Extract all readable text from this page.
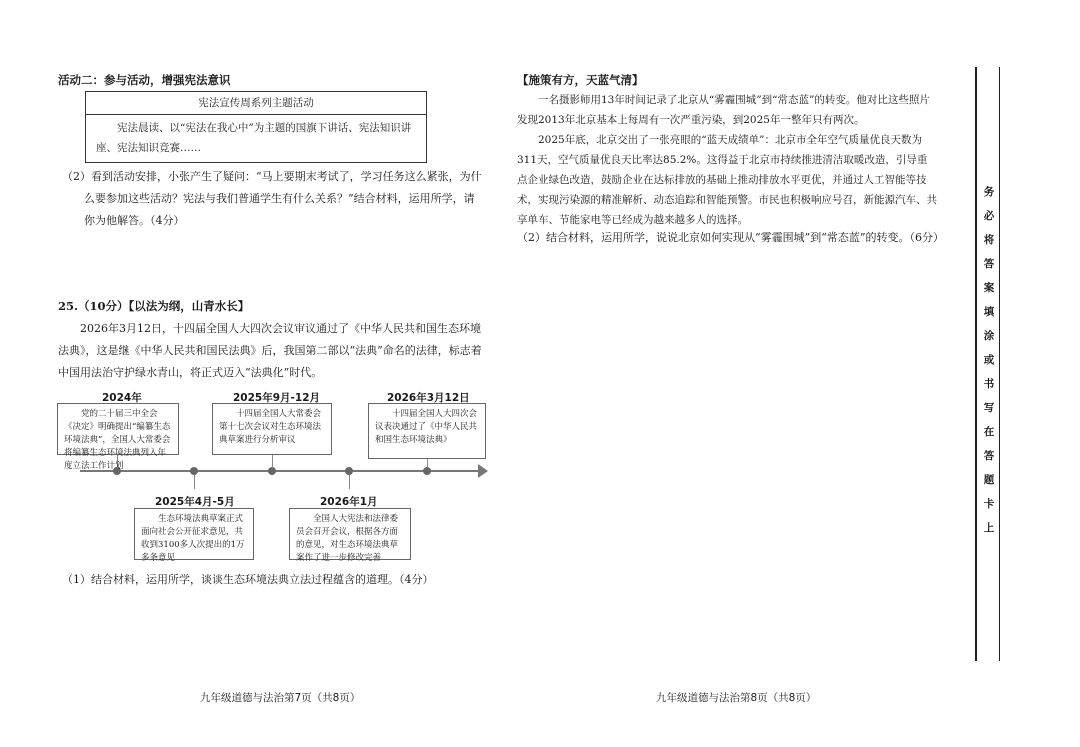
活动二：参与活动，增强宪法意识
宪法宣传周系列主题活动
宪法晨读、以“宪法在我心中”为主题的国旗下讲话、宪法知识讲座、宪法知识竞赛……
（2）看到活动安排，小张产生了疑问：“马上要期末考试了，学习任务这么紧张，为什
么要参加这些活动？宪法与我们普通学生有什么关系？”结合材料，运用所学，请
你为他解答。（4分）
25.（10分）【以法为纲，山青水长】
2026年3月12日，十四届全国人大四次会议审议通过了《中华人民共和国生态环境法典》，这是继《中华人民共和国民法典》后，我国第二部以“法典”命名的法律，标志着中国用法治守护绿水青山，将正式迈入“法典化”时代。
2024年
党的二十届三中全会《决定》明确提出“编纂生态环境法典”，全国人大常委会将编纂生态环境法典列入年度立法工作计划
2025年9月-12月
十四届全国人大常委会第十七次会议对生态环境法典草案进行分析审议
2026年3月12日
十四届全国人大四次会议表决通过了《中华人民共和国生态环境法典》
2025年4月-5月
生态环境法典草案正式面向社会公开征求意见，共收到3100多人次提出的1万多条意见
2026年1月
全国人大宪法和法律委员会召开会议，根据各方面的意见，对生态环境法典草案作了进一步修改完善
（1）结合材料，运用所学，谈谈生态环境法典立法过程蕴含的道理。（4分）
九年级道德与法治第7页（共8页）
【施策有方，天蓝气清】
一名摄影师用13年时间记录了北京从“雾霾围城”到“常态蓝”的转变。他对比这些照片发现2013年北京基本上每周有一次严重污染，到2025年一整年只有两次。
2025年底，北京交出了一张亮眼的“蓝天成绩单”：北京市全年空气质量优良天数为311天，空气质量优良天比率达85.2%。这得益于北京市持续推进清洁取暖改造，引导重点企业绿色改造，鼓励企业在达标排放的基础上推动排放水平更优，并通过人工智能等技术，实现污染源的精准解析、动态追踪和智能预警。市民也积极响应号召，新能源汽车、共享单车、节能家电等已经成为越来越多人的选择。
（2）结合材料，运用所学，说说北京如何实现从“雾霾围城”到“常态蓝”的转变。（6分）
九年级道德与法治第8页（共8页）
务必将答案填涂或书写在答题卡上
